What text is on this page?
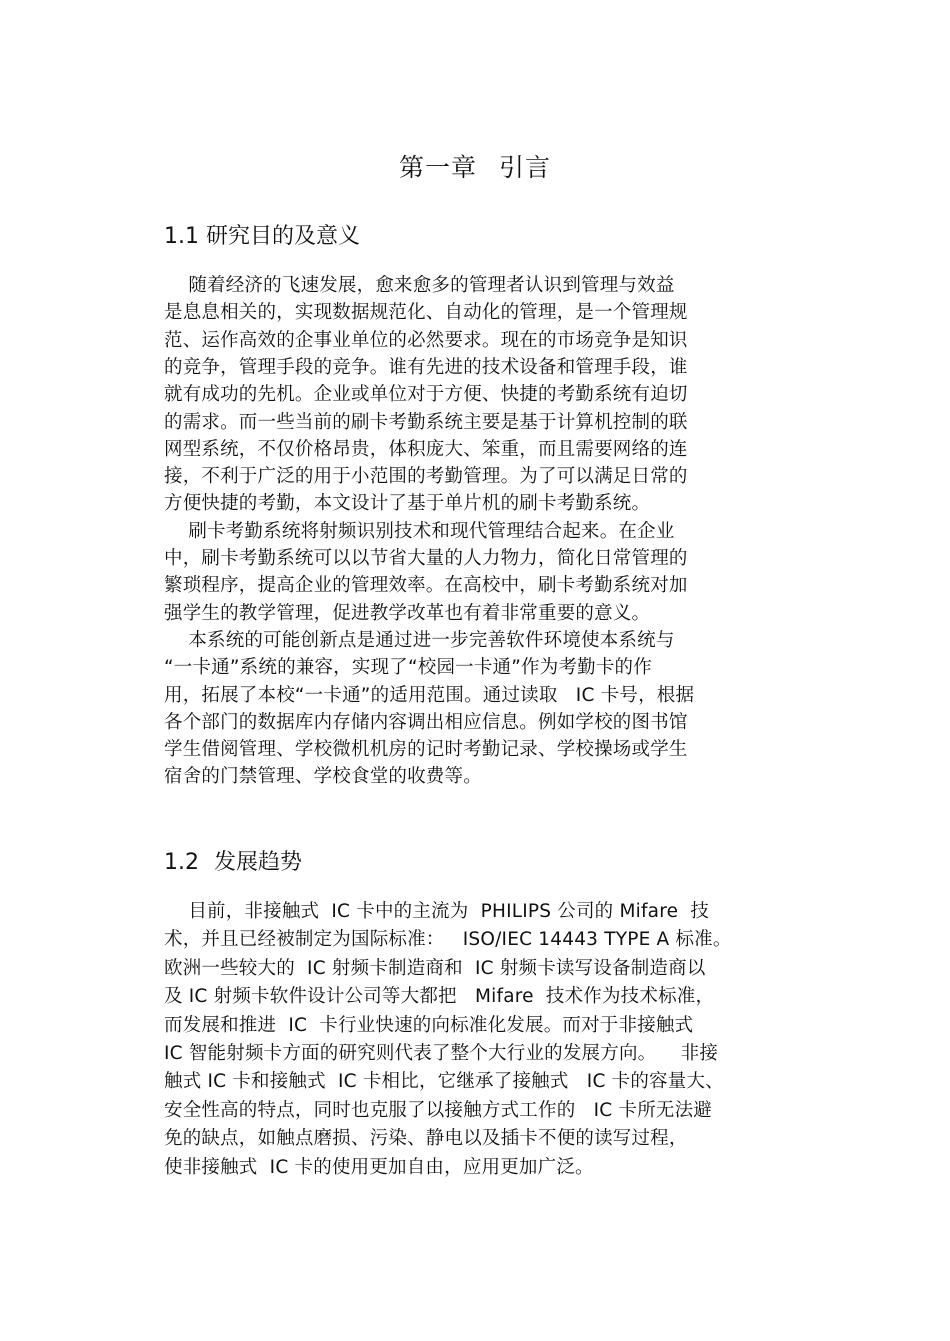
第一章 引言
1.1 研究目的及意义
随着经济的飞速发展，愈来愈多的管理者认识到管理与效益
是息息相关的，实现数据规范化、自动化的管理，是一个管理规
范、运作高效的企事业单位的必然要求。现在的市场竞争是知识
的竞争，管理手段的竞争。谁有先进的技术设备和管理手段，谁
就有成功的先机。企业或单位对于方便、快捷的考勤系统有迫切
的需求。而一些当前的刷卡考勤系统主要是基于计算机控制的联
网型系统，不仅价格昂贵，体积庞大、笨重，而且需要网络的连
接，不利于广泛的用于小范围的考勤管理。为了可以满足日常的
方便快捷的考勤，本文设计了基于单片机的刷卡考勤系统。
刷卡考勤系统将射频识别技术和现代管理结合起来。在企业
中，刷卡考勤系统可以以节省大量的人力物力，简化日常管理的
繁琐程序，提高企业的管理效率。在高校中，刷卡考勤系统对加
强学生的教学管理，促进教学改革也有着非常重要的意义。
本系统的可能创新点是通过进一步完善软件环境使本系统与
“一卡通”系统的兼容，实现了“校园一卡通”作为考勤卡的作
用，拓展了本校“一卡通”的适用范围。通过读取   IC 卡号，根据
各个部门的数据库内存储内容调出相应信息。例如学校的图书馆
学生借阅管理、学校微机机房的记时考勤记录、学校操场或学生
宿舍的门禁管理、学校食堂的收费等。
1.2 发展趋势
目前，非接触式  IC 卡中的主流为  PHILIPS 公司的 Mifare  技
术，并且已经被制定为国际标准：   ISO/IEC 14443 TYPE A 标准。
欧洲一些较大的  IC 射频卡制造商和  IC 射频卡读写设备制造商以
及 IC 射频卡软件设计公司等大都把   Mifare  技术作为技术标准，
而发展和推进  IC  卡行业快速的向标准化发展。而对于非接触式
IC 智能射频卡方面的研究则代表了整个大行业的发展方向。    非接
触式 IC 卡和接触式  IC 卡相比，它继承了接触式   IC 卡的容量大、
安全性高的特点，同时也克服了以接触方式工作的   IC 卡所无法避
免的缺点，如触点磨损、污染、静电以及插卡不便的读写过程，
使非接触式  IC 卡的使用更加自由，应用更加广泛。
